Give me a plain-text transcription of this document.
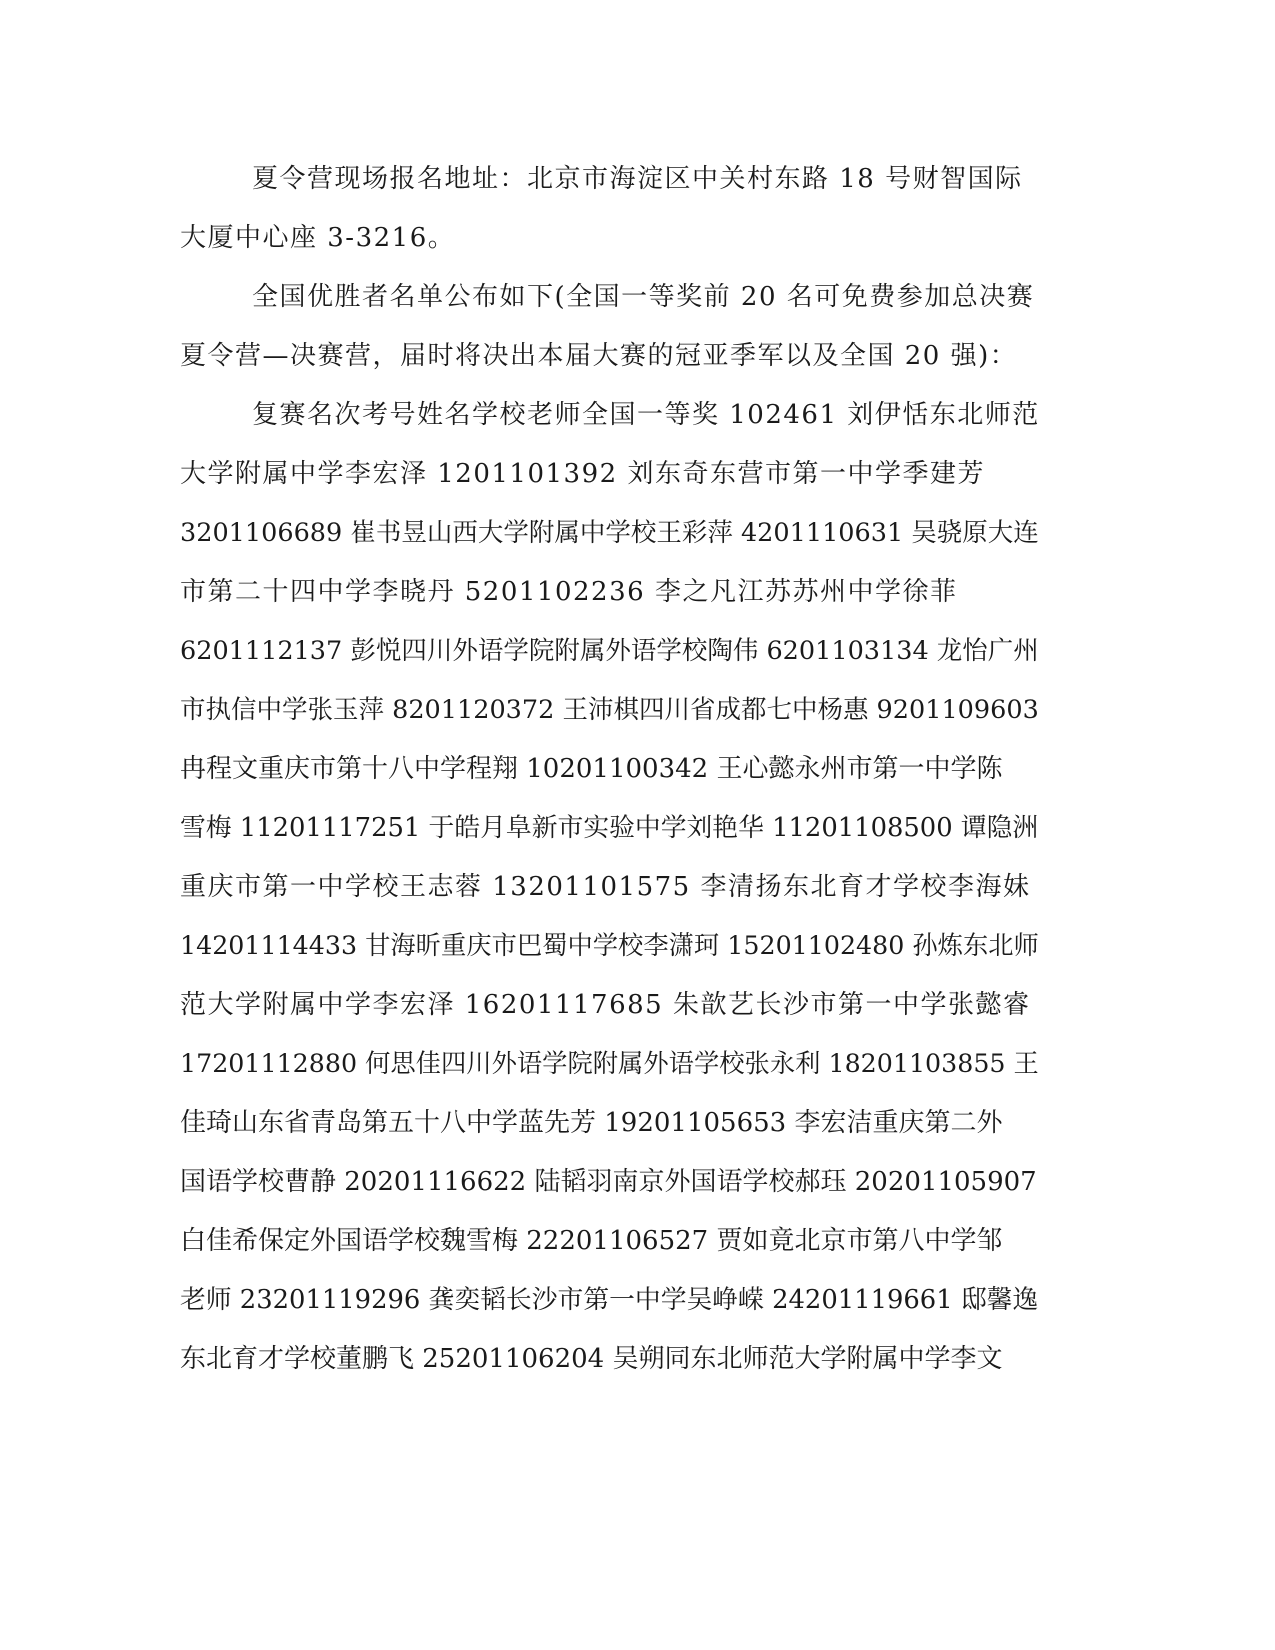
夏令营现场报名地址：北京市海淀区中关村东路 18 号财智国际
大厦中心座 3-3216。
全国优胜者名单公布如下(全国一等奖前 20 名可免费参加总决赛
夏令营—决赛营，届时将决出本届大赛的冠亚季军以及全国 20 强)：
复赛名次考号姓名学校老师全国一等奖 102461 刘伊恬东北师范
大学附属中学李宏泽 1201101392 刘东奇东营市第一中学季建芳
3201106689 崔书昱山西大学附属中学校王彩萍 4201110631 吴骁原大连
市第二十四中学李晓丹 5201102236 李之凡江苏苏州中学徐菲
6201112137 彭悦四川外语学院附属外语学校陶伟 6201103134 龙怡广州
市执信中学张玉萍 8201120372 王沛棋四川省成都七中杨惠 9201109603
冉程文重庆市第十八中学程翔 10201100342 王心懿永州市第一中学陈
雪梅 11201117251 于皓月阜新市实验中学刘艳华 11201108500 谭隐洲
重庆市第一中学校王志蓉 13201101575 李清扬东北育才学校李海妹
14201114433 甘海昕重庆市巴蜀中学校李潇珂 15201102480 孙炼东北师
范大学附属中学李宏泽 16201117685 朱歆艺长沙市第一中学张懿睿
17201112880 何思佳四川外语学院附属外语学校张永利 18201103855 王
佳琦山东省青岛第五十八中学蓝先芳 19201105653 李宏洁重庆第二外
国语学校曹静 20201116622 陆韬羽南京外国语学校郝珏 20201105907
白佳希保定外国语学校魏雪梅 22201106527 贾如竟北京市第八中学邹
老师 23201119296 龚奕韬长沙市第一中学吴峥嵘 24201119661 邸馨逸
东北育才学校董鹏飞 25201106204 吴朔同东北师范大学附属中学李文
